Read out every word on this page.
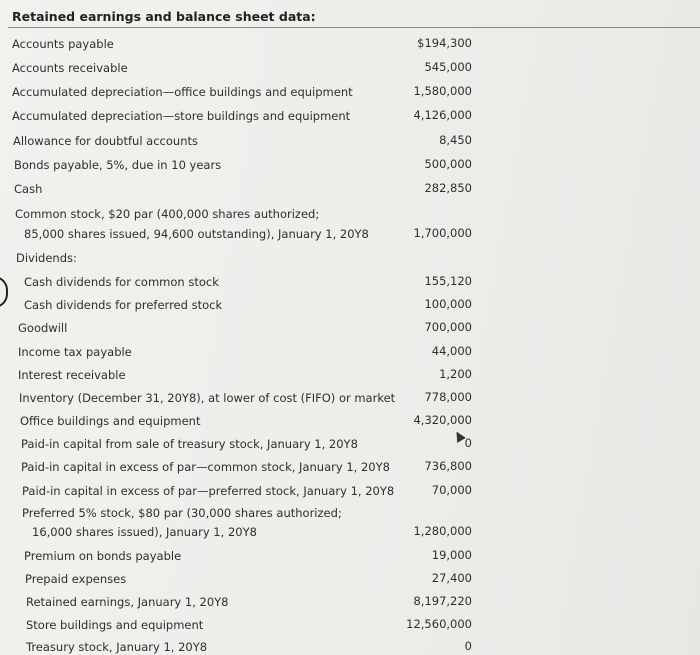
Retained earnings and balance sheet data:
Accounts payable
Accounts receivable
Accumulated depreciation—office buildings and equipment
Accumulated depreciation—store buildings and equipment
Allowance for doubtful accounts
Bonds payable, 5%, due in 10 years
Cash
Common stock, $20 par (400,000 shares authorized;
85,000 shares issued, 94,600 outstanding), January 1, 20Y8
Dividends:
Cash dividends for common stock
Cash dividends for preferred stock
Goodwill
Income tax payable
Interest receivable
Inventory (December 31, 20Y8), at lower of cost (FIFO) or market
Office buildings and equipment
Paid-in capital from sale of treasury stock, January 1, 20Y8
Paid-in capital in excess of par—common stock, January 1, 20Y8
Paid-in capital in excess of par—preferred stock, January 1, 20Y8
Preferred 5% stock, $80 par (30,000 shares authorized;
16,000 shares issued), January 1, 20Y8
Premium on bonds payable
Prepaid expenses
Retained earnings, January 1, 20Y8
Store buildings and equipment
Treasury stock, January 1, 20Y8
$194,300
545,000
1,580,000
4,126,000
8,450
500,000
282,850
1,700,000
155,120
100,000
700,000
44,000
1,200
778,000
4,320,000
0
736,800
70,000
1,280,000
19,000
27,400
8,197,220
12,560,000
0
